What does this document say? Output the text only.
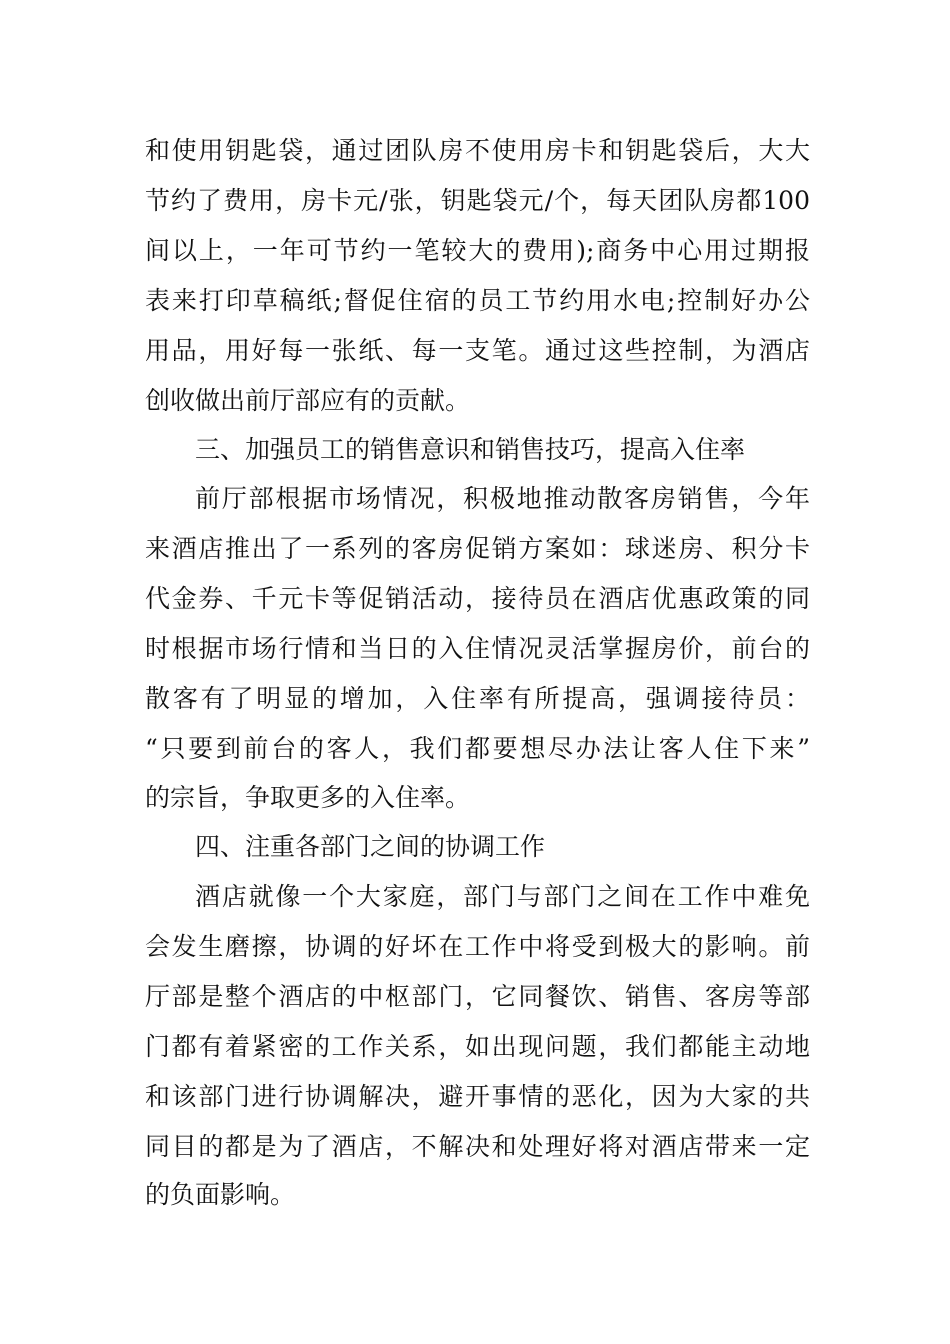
和使用钥匙袋，通过团队房不使用房卡和钥匙袋后，大大
节约了费用，房卡元/张，钥匙袋元/个，每天团队房都100
间以上，一年可节约一笔较大的费用);商务中心用过期报
表来打印草稿纸;督促住宿的员工节约用水电;控制好办公
用品，用好每一张纸、每一支笔。通过这些控制，为酒店
创收做出前厅部应有的贡献。
三、加强员工的销售意识和销售技巧，提高入住率
前厅部根据市场情况，积极地推动散客房销售，今年
来酒店推出了一系列的客房促销方案如：球迷房、积分卡
代金券、千元卡等促销活动，接待员在酒店优惠政策的同
时根据市场行情和当日的入住情况灵活掌握房价，前台的
散客有了明显的增加，入住率有所提高，强调接待员：
“只要到前台的客人，我们都要想尽办法让客人住下来”
的宗旨，争取更多的入住率。
四、注重各部门之间的协调工作
酒店就像一个大家庭，部门与部门之间在工作中难免
会发生磨擦，协调的好坏在工作中将受到极大的影响。前
厅部是整个酒店的中枢部门，它同餐饮、销售、客房等部
门都有着紧密的工作关系，如出现问题，我们都能主动地
和该部门进行协调解决，避开事情的恶化，因为大家的共
同目的都是为了酒店，不解决和处理好将对酒店带来一定
的负面影响。
